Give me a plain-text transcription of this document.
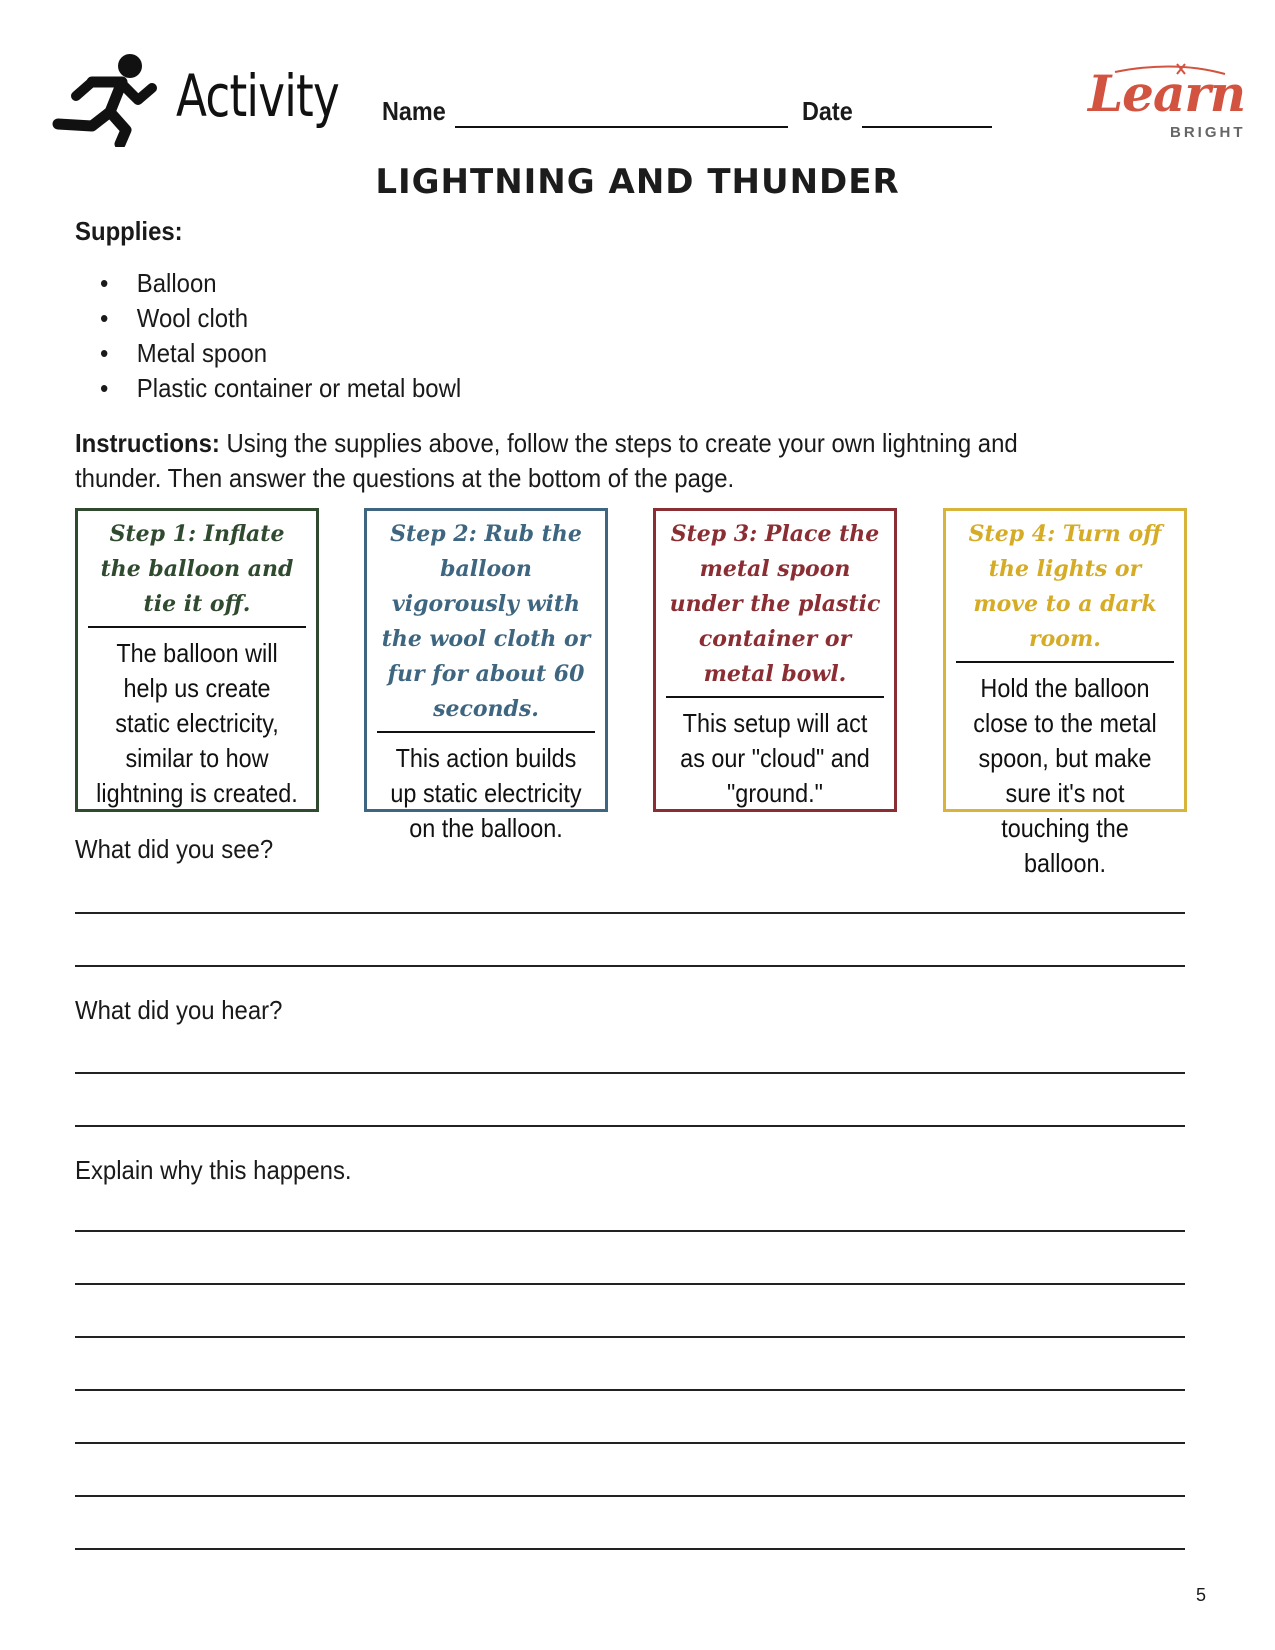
Activity Name	Date	Learn
BRIGHT
LIGHTNING AND THUNDER
Supplies:
• Balloon
• Wool cloth
• Metal spoon
• Plastic container or metal bowl
Instructions: Using the supplies above, follow the steps to create your own lightning and thunder. Then answer the questions at the bottom of the page.
Step 1: Inflate the balloon and tie it off.
The balloon will help us create static electricity, similar to how lightning is created.
Step 2: Rub the balloon vigorously with the wool cloth or fur for about 60 seconds.
This action builds up static electricity on the balloon.
Step 3: Place the metal spoon under the plastic container or metal bowl.
This setup will act as our "cloud" and "ground."
Step 4: Turn off the lights or move to a dark room.
Hold the balloon close to the metal spoon, but make sure it's not touching the balloon.
What did you see?
What did you hear?
Explain why this happens.
5
